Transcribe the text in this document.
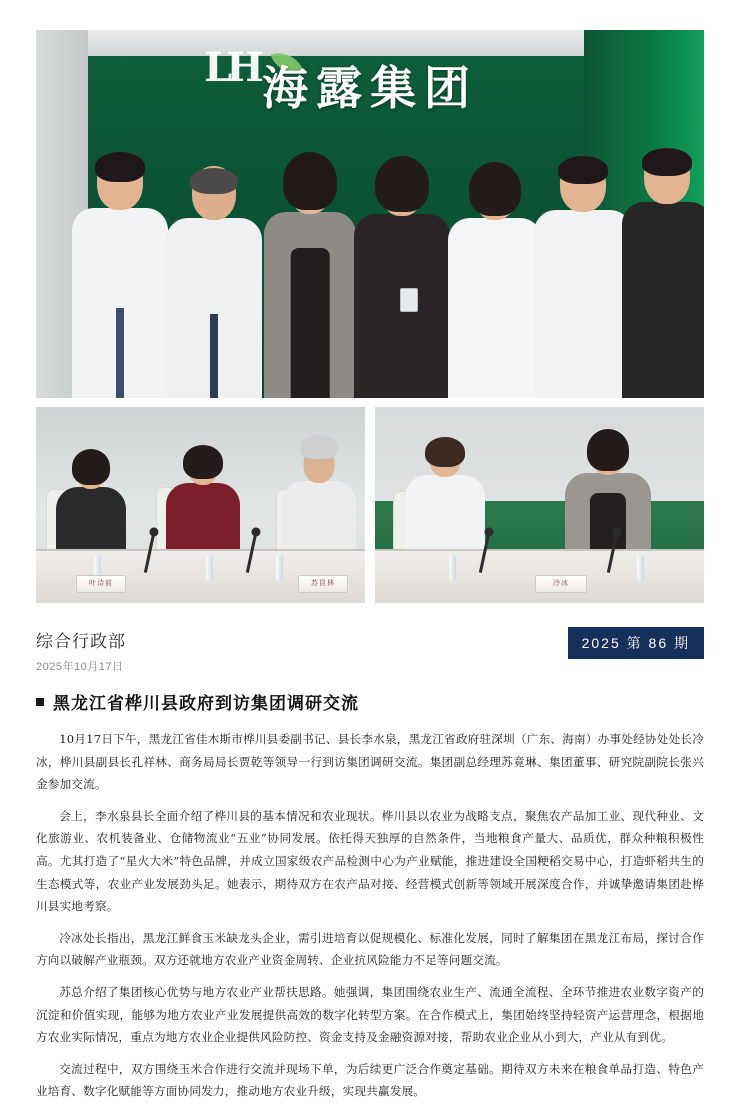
LH 海露集团
叶诗前	苏昆林	冷冰
综合行政部
2025年10月17日
2025 第 86 期
黑龙江省桦川县政府到访集团调研交流

10月17日下午，黑龙江省佳木斯市桦川县委副书记、县长李水泉，黑龙江省政府驻深圳（广东、海南）办事处经协处处长冷冰，桦川县副县长孔祥林、商务局局长贾乾等领导一行到访集团调研交流。集团副总经理苏竟琳、集团董事、研究院副院长张兴金参加交流。

会上，李水泉县长全面介绍了桦川县的基本情况和农业现状。桦川县以农业为战略支点，聚焦农产品加工业、现代种业、文化旅游业、农机装备业、仓储物流业“五业”协同发展。依托得天独厚的自然条件，当地粮食产量大、品质优，群众种粮积极性高。尤其打造了“星火大米”特色品牌，并成立国家级农产品检测中心为产业赋能，推进建设全国粳稻交易中心，打造虾稻共生的生态模式等，农业产业发展劲头足。她表示，期待双方在农产品对接、经营模式创新等领域开展深度合作，并诚挚邀请集团赴桦川县实地考察。

冷冰处长指出，黑龙江鲜食玉米缺龙头企业，需引进培育以促规模化、标准化发展，同时了解集团在黑龙江布局，探讨合作方向以破解产业瓶颈。双方还就地方农业产业资金周转、企业抗风险能力不足等问题交流。

苏总介绍了集团核心优势与地方农业产业帮扶思路。她强调，集团围绕农业生产、流通全流程、全环节推进农业数字资产的沉淀和价值实现，能够为地方农业产业发展提供高效的数字化转型方案。在合作模式上，集团始终坚持轻资产运营理念，根据地方农业实际情况，重点为地方农业企业提供风险防控、资金支持及金融资源对接，帮助农业企业从小到大，产业从有到优。

交流过程中，双方围绕玉米合作进行交流并现场下单，为后续更广泛合作奠定基础。期待双方未来在粮食单品打造、特色产业培育、数字化赋能等方面协同发力，推动地方农业升级，实现共赢发展。
